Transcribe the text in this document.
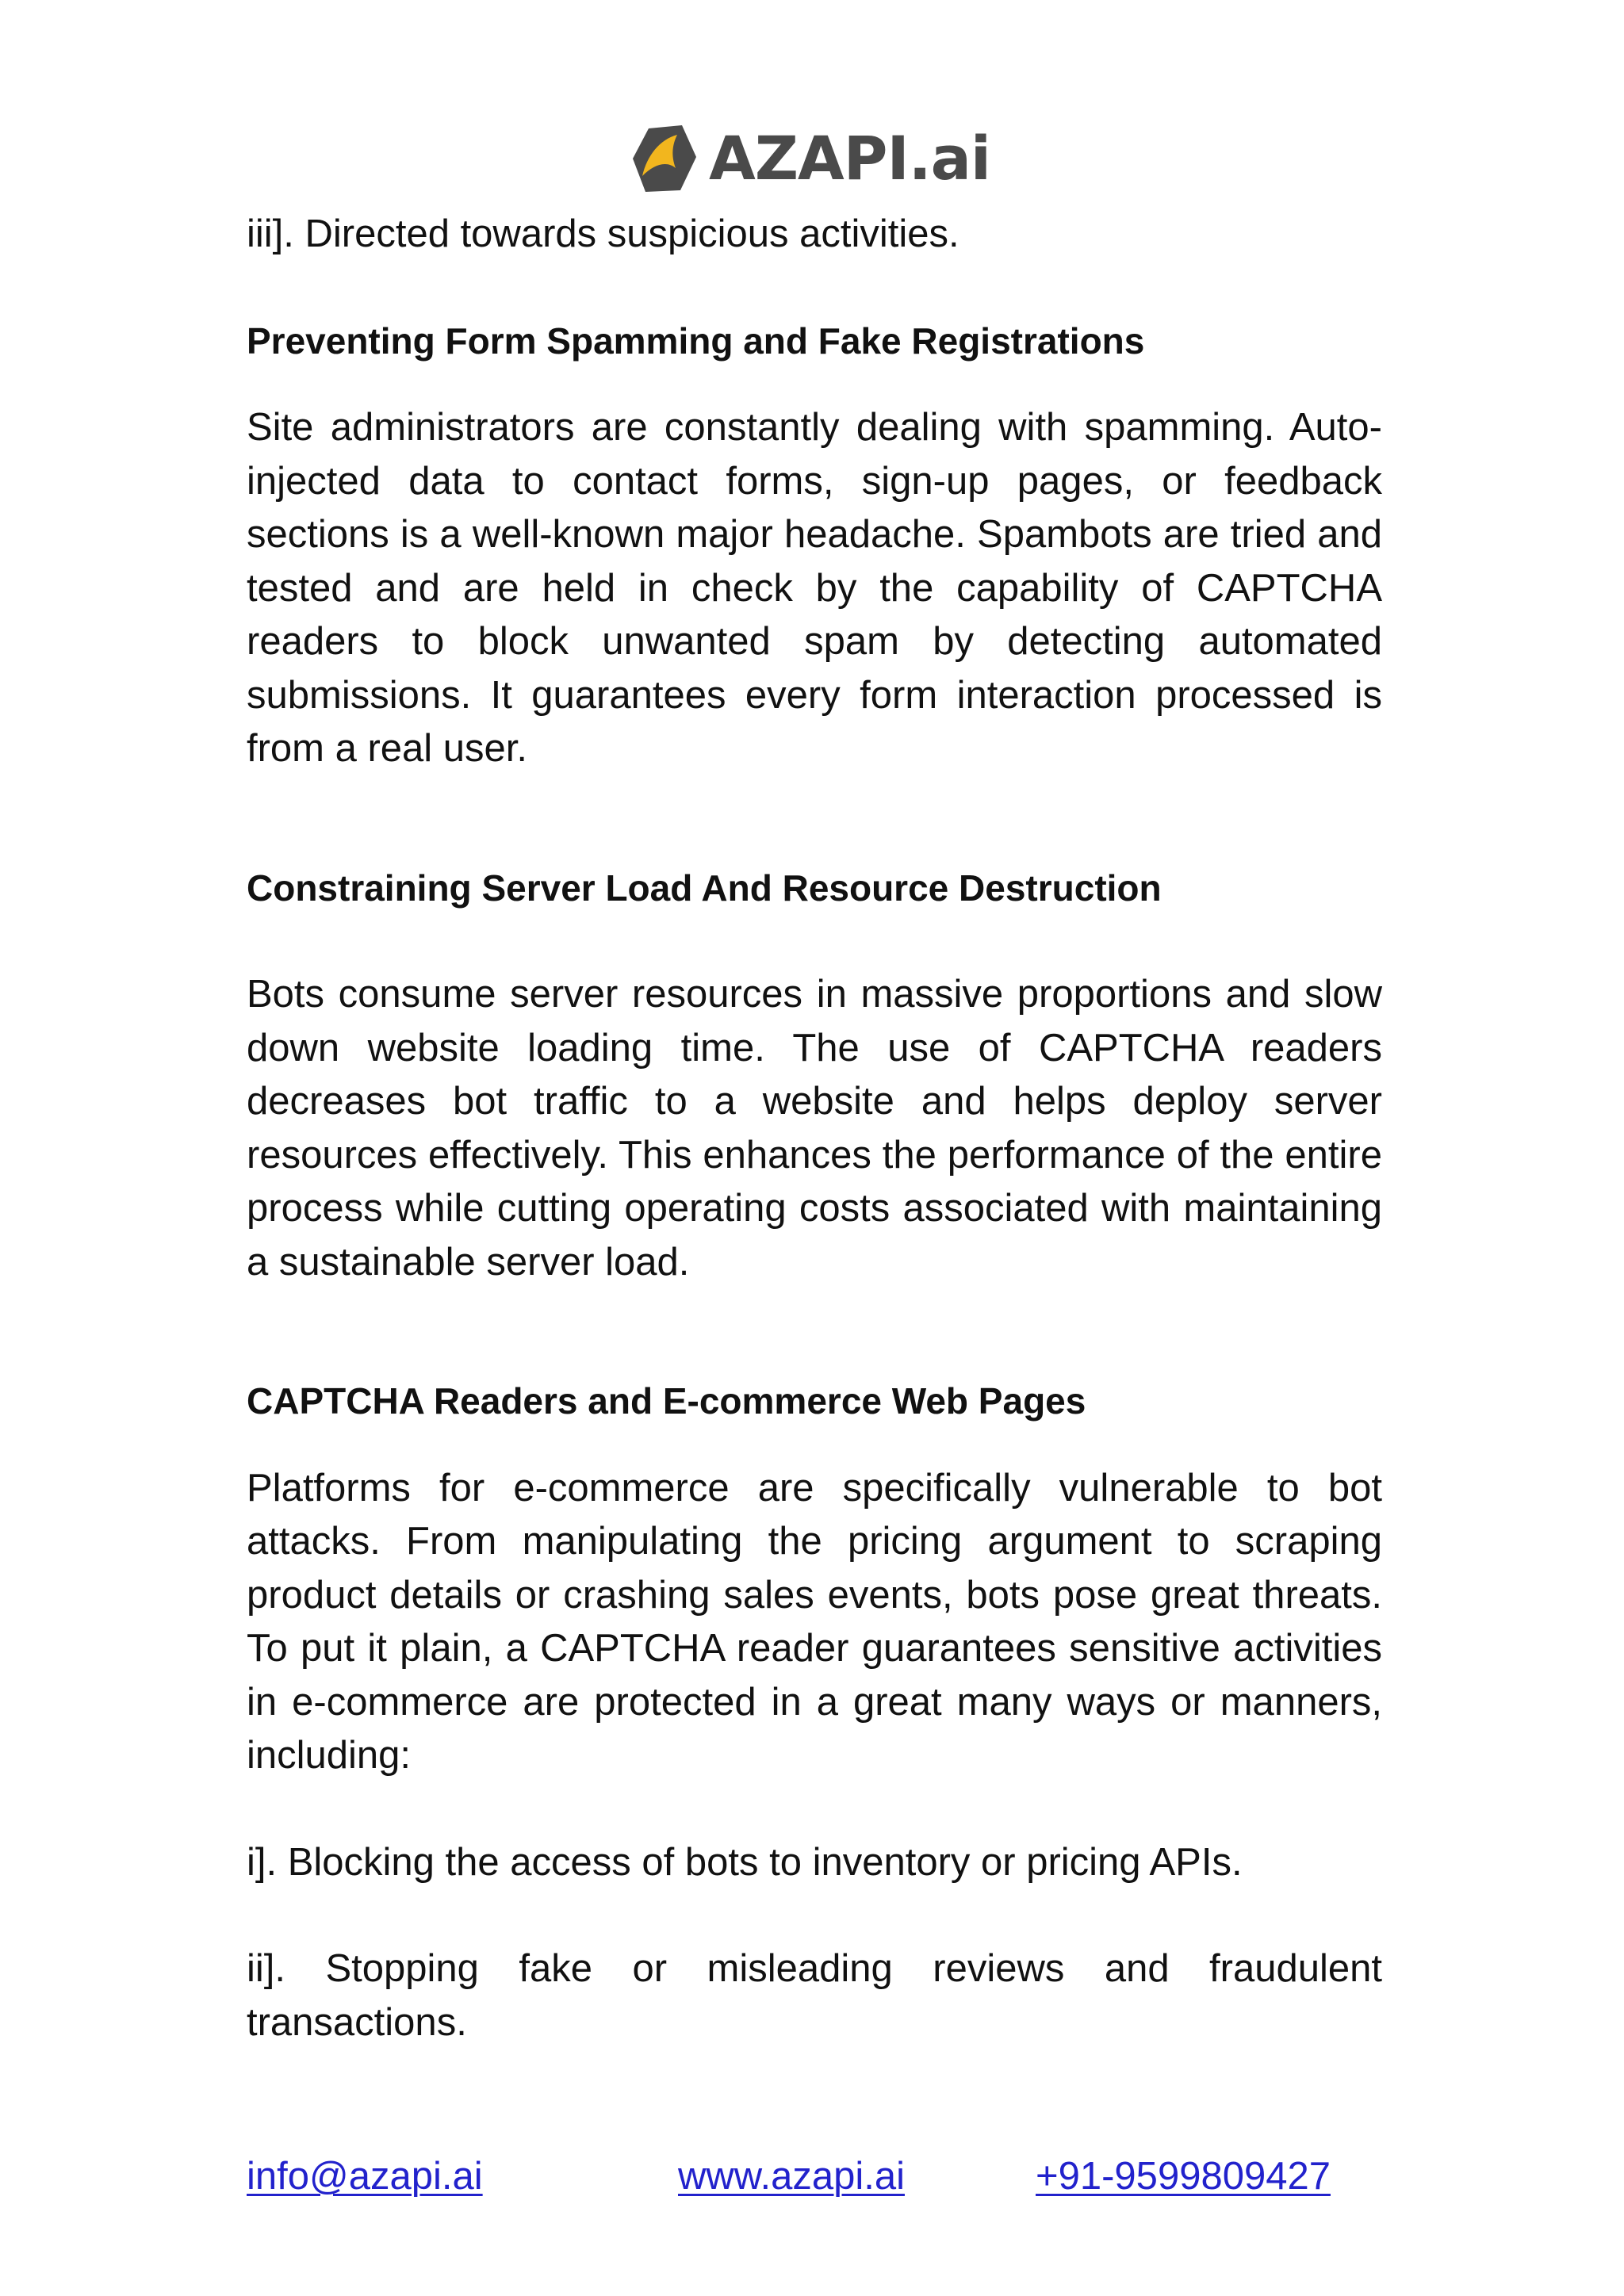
AZAPI.ai

iii]. Directed towards suspicious activities.

Preventing Form Spamming and Fake Registrations

Site administrators are constantly dealing with spamming. Auto-injected data to contact forms, sign-up pages, or feedback sections is a well-known major headache. Spambots are tried and tested and are held in check by the capability of CAPTCHA readers to block unwanted spam by detecting automated submissions. It guarantees every form interaction processed is from a real user.

Constraining Server Load And Resource Destruction

Bots consume server resources in massive proportions and slow down website loading time. The use of CAPTCHA readers decreases bot traffic to a website and helps deploy server resources effectively. This enhances the performance of the entire process while cutting operating costs associated with maintaining a sustainable server load.

CAPTCHA Readers and E-commerce Web Pages

Platforms for e-commerce are specifically vulnerable to bot attacks. From manipulating the pricing argument to scraping product details or crashing sales events, bots pose great threats. To put it plain, a CAPTCHA reader guarantees sensitive activities in e-commerce are protected in a great many ways or manners, including:

i]. Blocking the access of bots to inventory or pricing APIs.

ii]. Stopping fake or misleading reviews and fraudulent transactions.

info@azapi.ai	www.azapi.ai	+91-9599809427
